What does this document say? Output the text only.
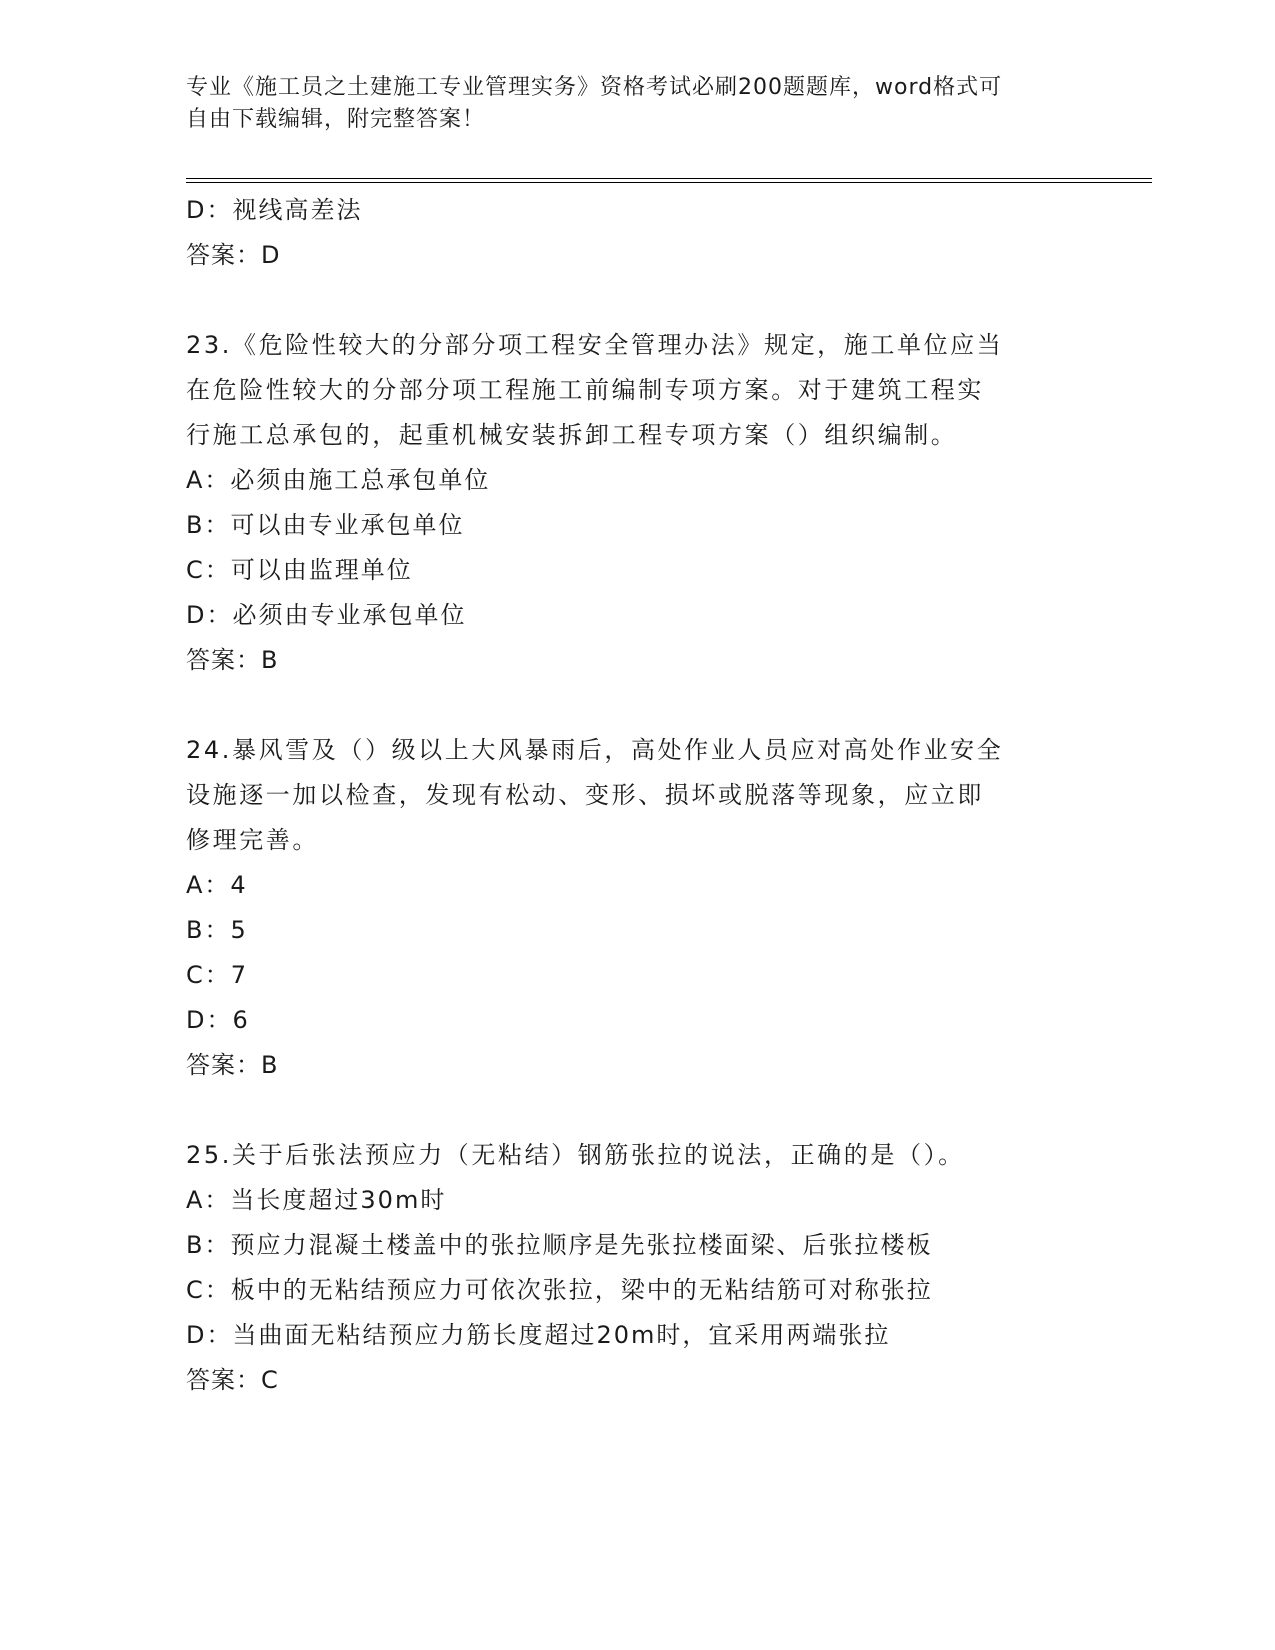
专业《施工员之土建施工专业管理实务》资格考试必刷200题题库，word格式可
自由下载编辑，附完整答案！
D：视线高差法
答案：D
23.《危险性较大的分部分项工程安全管理办法》规定，施工单位应当
在危险性较大的分部分项工程施工前编制专项方案。对于建筑工程实
行施工总承包的，起重机械安装拆卸工程专项方案（）组织编制。
A：必须由施工总承包单位
B：可以由专业承包单位
C：可以由监理单位
D：必须由专业承包单位
答案：B
24.暴风雪及（）级以上大风暴雨后，高处作业人员应对高处作业安全
设施逐一加以检查，发现有松动、变形、损坏或脱落等现象，应立即
修理完善。
A：4
B：5
C：7
D：6
答案：B
25.关于后张法预应力（无粘结）钢筋张拉的说法，正确的是（）。
A：当长度超过30m时
B：预应力混凝土楼盖中的张拉顺序是先张拉楼面梁、后张拉楼板
C：板中的无粘结预应力可依次张拉，梁中的无粘结筋可对称张拉
D：当曲面无粘结预应力筋长度超过20m时，宜采用两端张拉
答案：C
